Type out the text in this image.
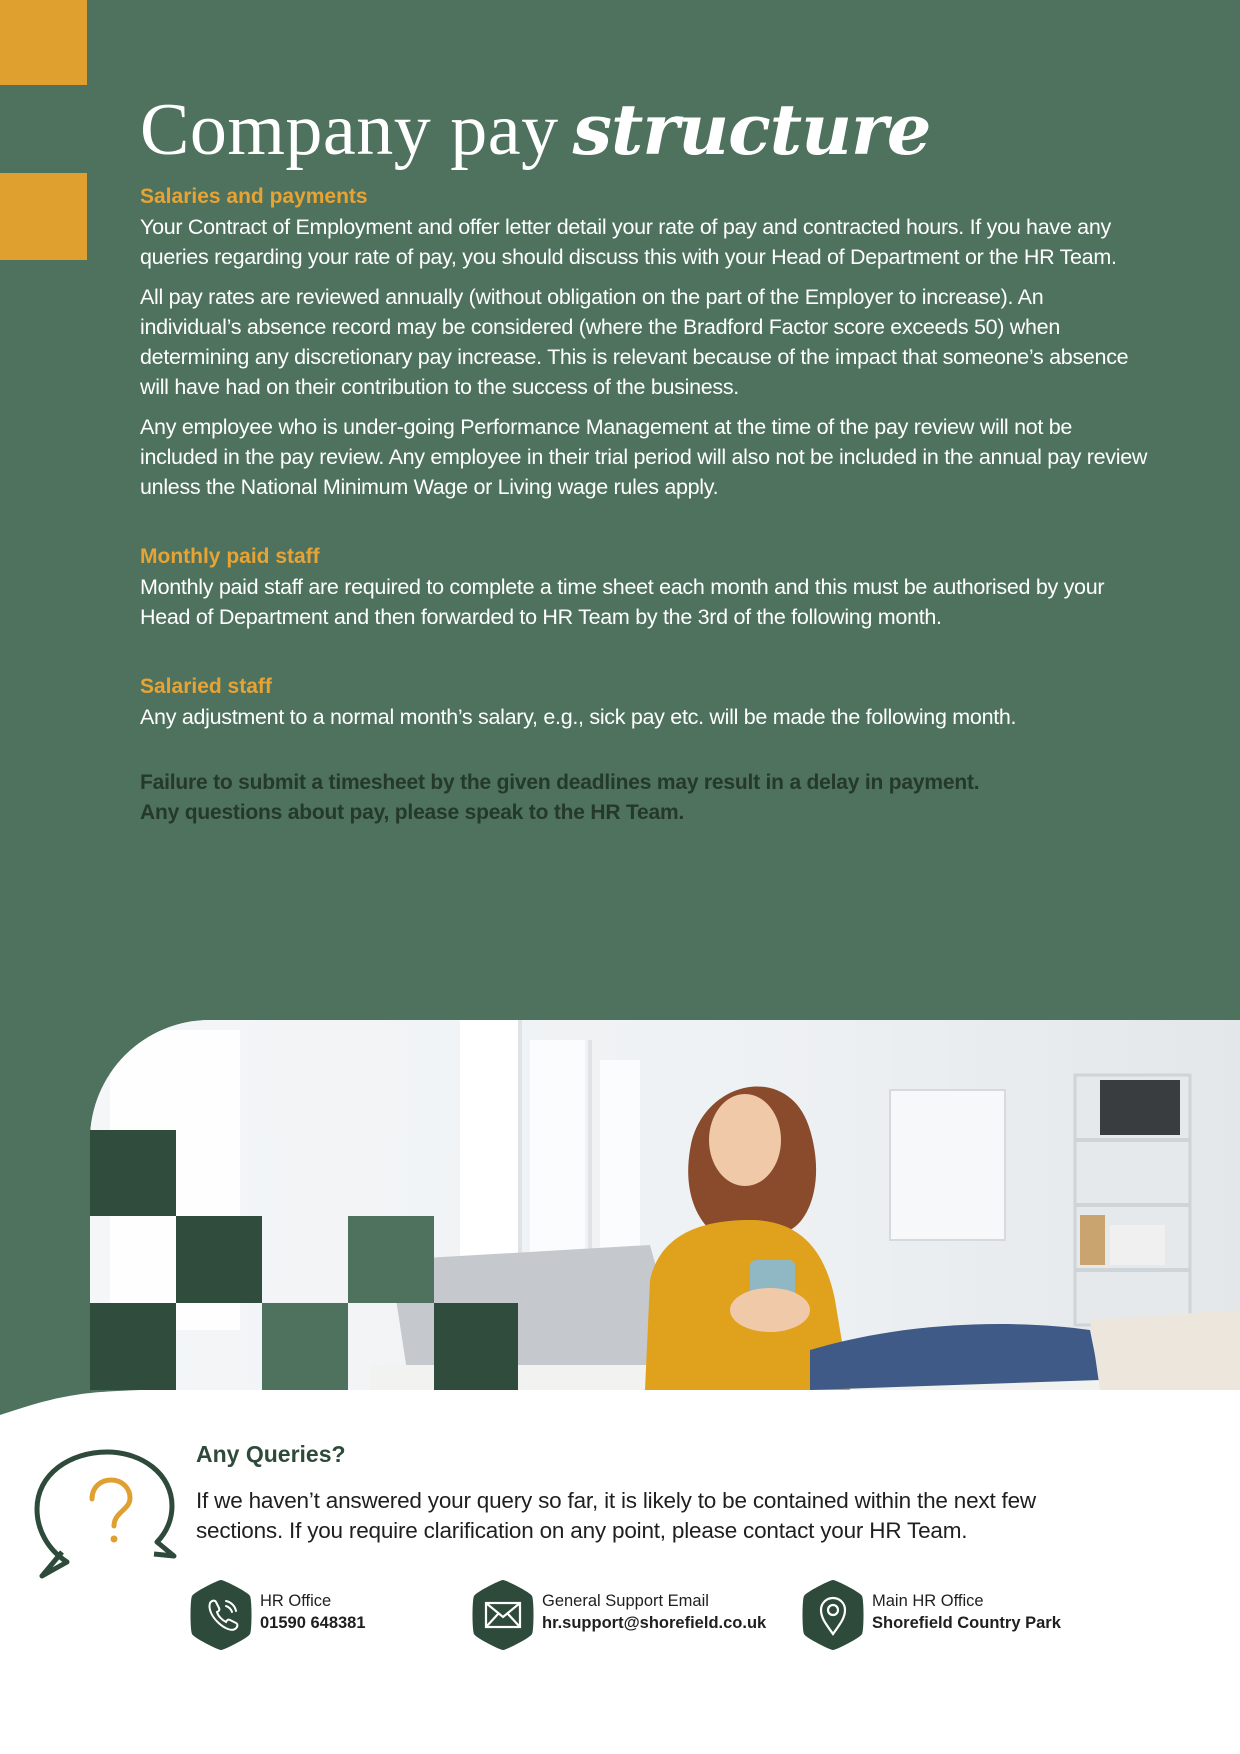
Company pay structure
Salaries and payments

Your Contract of Employment and offer letter detail your rate of pay and contracted hours. If you have any queries regarding your rate of pay, you should discuss this with your Head of Department or the HR Team.

All pay rates are reviewed annually (without obligation on the part of the Employer to increase). An individual’s absence record may be considered (where the Bradford Factor score exceeds 50) when determining any discretionary pay increase. This is relevant because of the impact that someone’s absence will have had on their contribution to the success of the business.

Any employee who is under-going Performance Management at the time of the pay review will not be included in the pay review. Any employee in their trial period will also not be included in the annual pay review unless the National Minimum Wage or Living wage rules apply.

Monthly paid staff

Monthly paid staff are required to complete a time sheet each month and this must be authorised by your Head of Department and then forwarded to HR Team by the 3rd of the following month.

Salaried staff

Any adjustment to a normal month’s salary, e.g., sick pay etc. will be made the following month.

Failure to submit a timesheet by the given deadlines may result in a delay in payment.

Any questions about pay, please speak to the HR Team.

Any Queries?

If we haven’t answered your query so far, it is likely to be contained within the next few sections. If you require clarification on any point, please contact your HR Team.

HR Office
01590 648381
General Support Email
hr.support@shorefield.co.uk
Main HR Office
Shorefield Country Park
